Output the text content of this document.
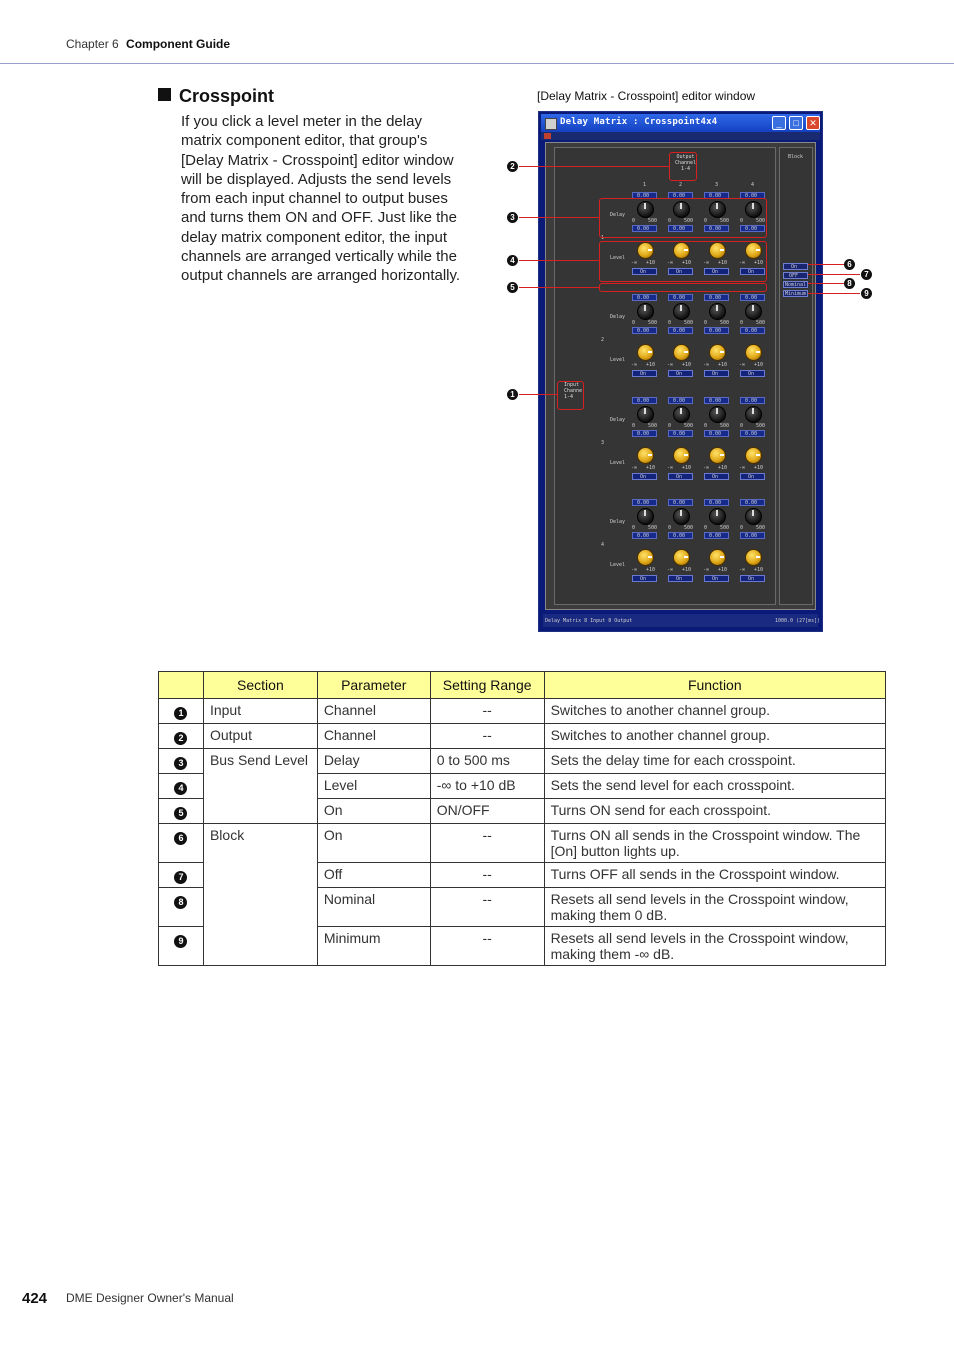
Chapter 6 Component Guide
Crosspoint
If you click a level meter in the delay matrix component editor, that group's [Delay Matrix - Crosspoint] editor window will be displayed. Adjusts the send levels from each input channel to output buses and turns them ON and OFF. Just like the delay matrix component editor, the input channels are arranged vertically while the output channels are arranged horizontally.
[Delay Matrix - Crosspoint] editor window
Delay Matrix : Crosspoint4x4	_	□	✕
Output
Channel
1-4
Input
Channe
1-4
1	2	3	4
1
Delay
Level
0.00
0	500
0.00
-∞ +10
On
0.00
0	500
0.00
-∞ +10
On
0.00
0	500
0.00
-∞ +10
On
0.00
0	500
0.00
-∞ +10
On
2
Delay
Level
0.00
0	500
0.00
-∞ +10
On
0.00
0	500
0.00
-∞ +10
On
0.00
0	500
0.00
-∞ +10
On
0.00
0	500
0.00
-∞ +10
On
3
Delay
Level
0.00
0	500
0.00
-∞ +10
On
0.00
0	500
0.00
-∞ +10
On
0.00
0	500
0.00
-∞ +10
On
0.00
0	500
0.00
-∞ +10
On
4
Delay
Level
0.00
0	500
0.00
-∞ +10
On
0.00
0	500
0.00
-∞ +10
On
0.00
0	500
0.00
-∞ +10
On
0.00
0	500
0.00
-∞ +10
On
Block
On
OFF
Nominal
Minimum
Delay Matrix 8 Input 8 Output	1000.0 (27[ms])
2
3
4
5
1
6
7
8
9
	Section	Parameter	Setting Range	Function
1	Input	Channel	--	Switches to another channel group.
2	Output	Channel	--	Switches to another channel group.
3	Bus Send Level	Delay	0 to 500 ms	Sets the delay time for each crosspoint.
4		Level	-∞ to +10 dB	Sets the send level for each crosspoint.
5		On	ON/OFF	Turns ON send for each crosspoint.
6	Block	On	--	Turns ON all sends in the Crosspoint window. The [On] button lights up.
7		Off	--	Turns OFF all sends in the Crosspoint window.
8		Nominal	--	Resets all send levels in the Crosspoint window, making them 0 dB.
9		Minimum	--	Resets all send levels in the Crosspoint window, making them -∞ dB.
424 DME Designer Owner's Manual
